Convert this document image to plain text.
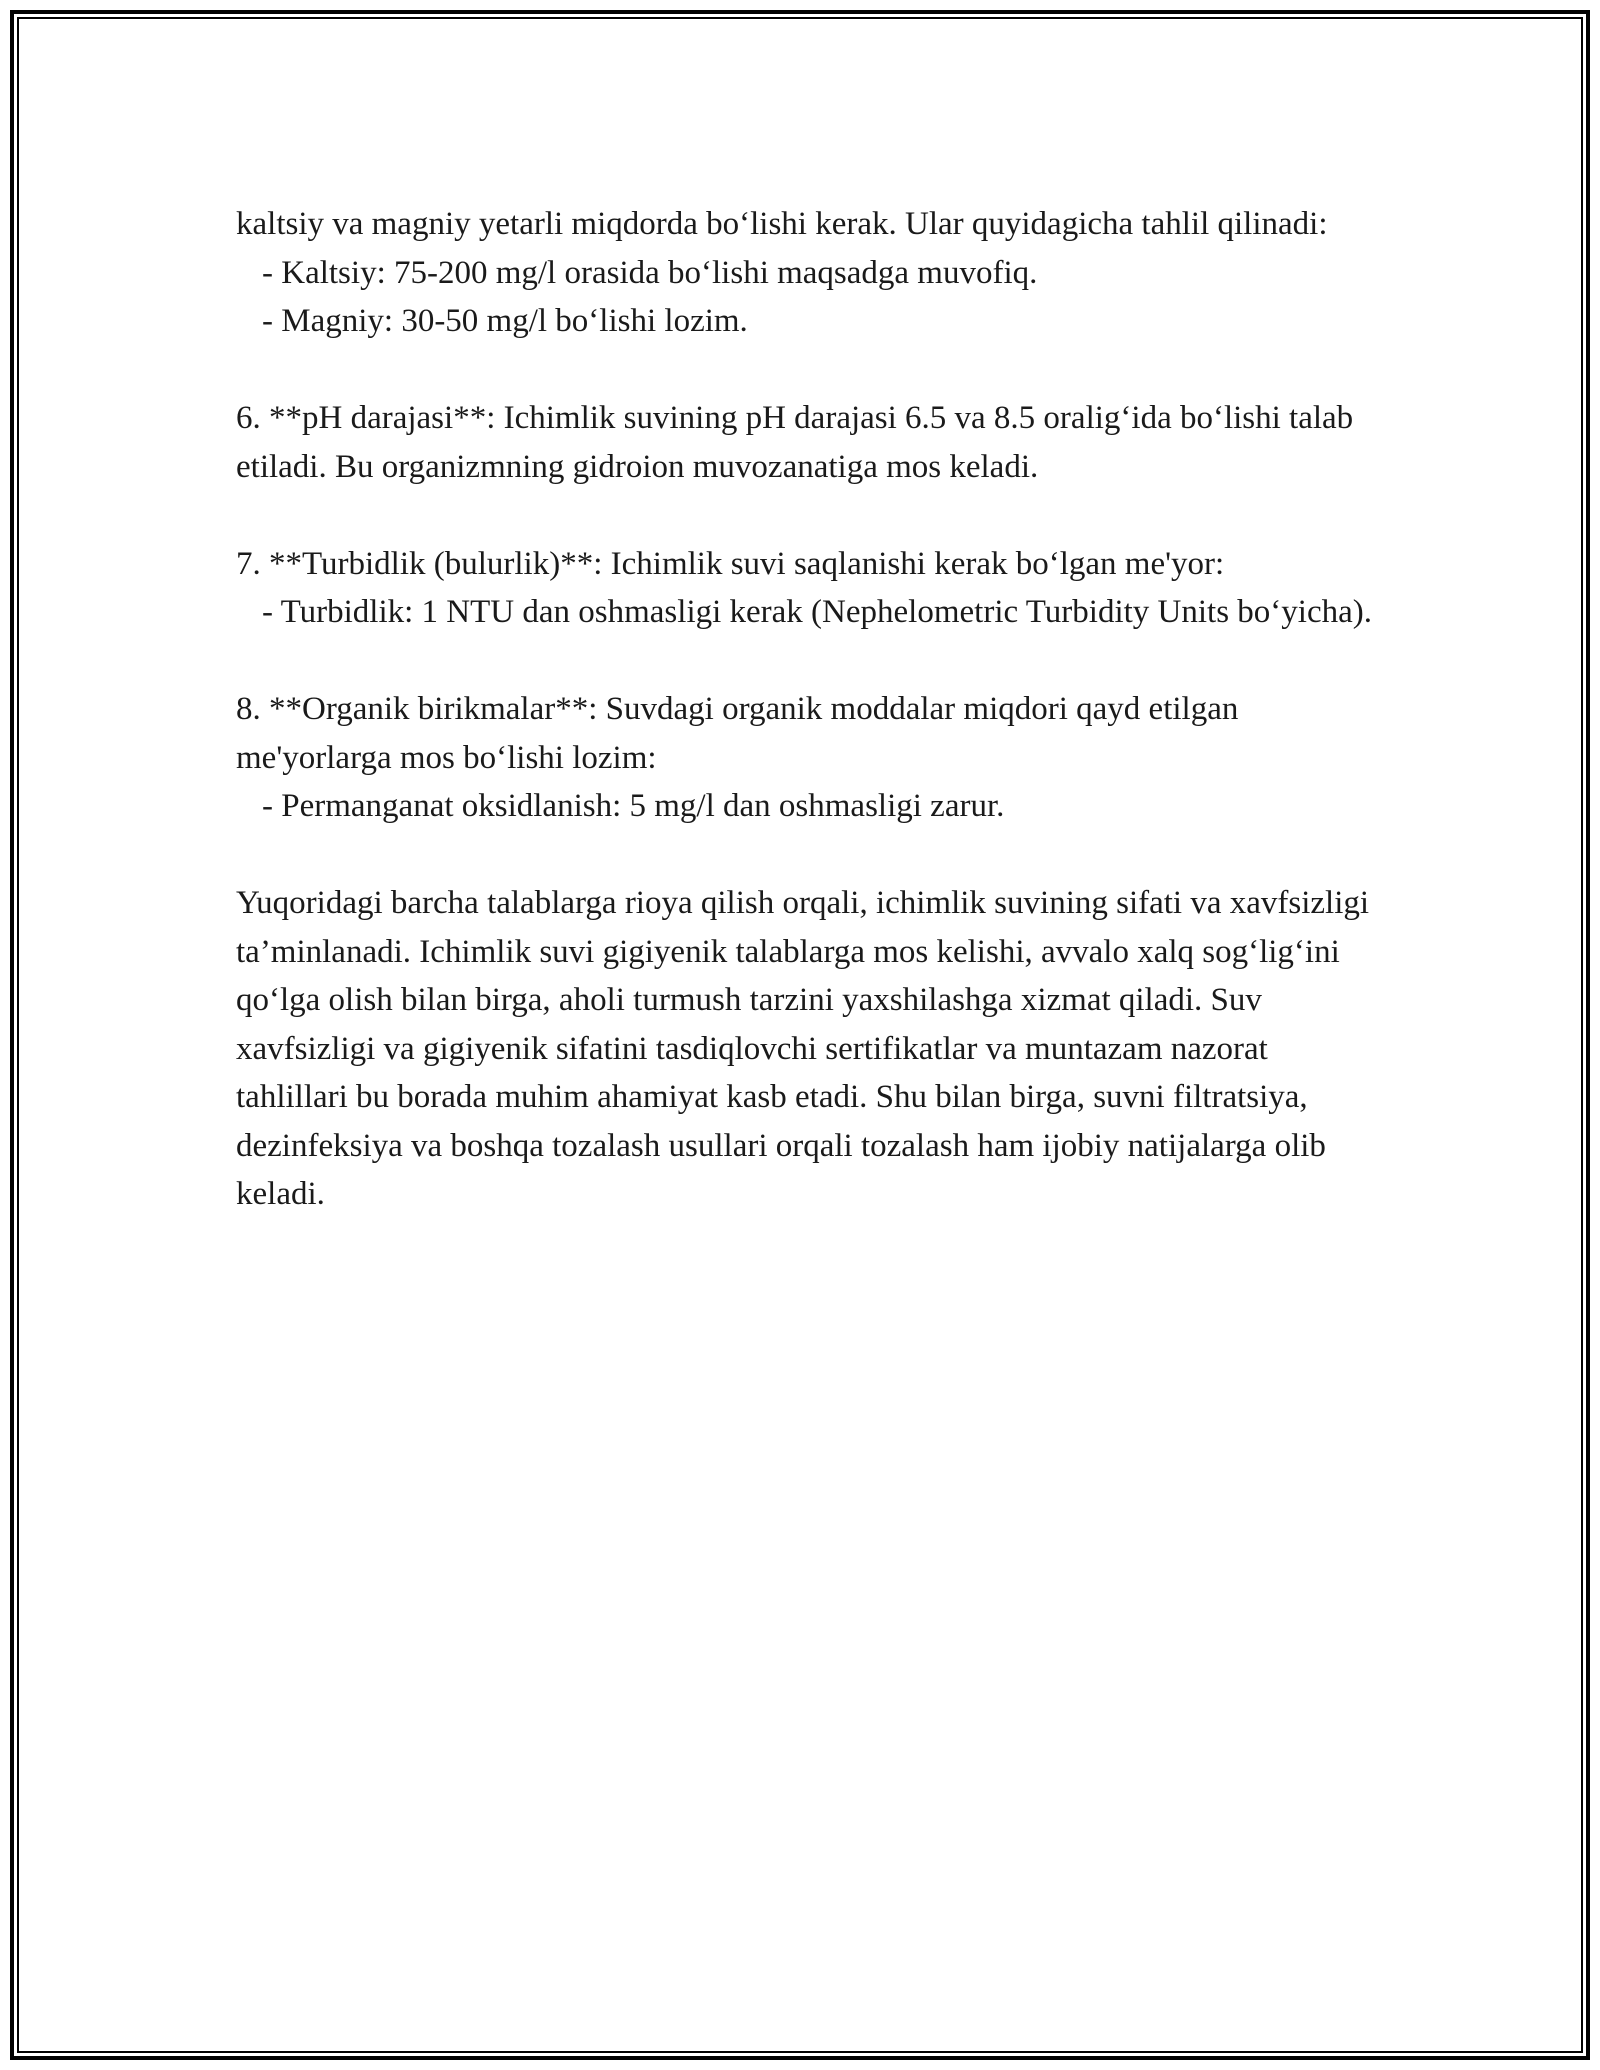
kaltsiy va magniy yetarli miqdorda bo‘lishi kerak. Ular quyidagicha tahlil qilinadi:
- Kaltsiy: 75-200 mg/l orasida bo‘lishi maqsadga muvofiq.
- Magniy: 30-50 mg/l bo‘lishi lozim.

6. **pH darajasi**: Ichimlik suvining pH darajasi 6.5 va 8.5 oralig‘ida bo‘lishi talab etiladi. Bu organizmning gidroion muvozanatiga mos keladi.

7. **Turbidlik (bulurlik)**: Ichimlik suvi saqlanishi kerak bo‘lgan me'yor:
- Turbidlik: 1 NTU dan oshmasligi kerak (Nephelometric Turbidity Units bo‘yicha).

8. **Organik birikmalar**: Suvdagi organik moddalar miqdori qayd etilgan me'yorlarga mos bo‘lishi lozim:
- Permanganat oksidlanish: 5 mg/l dan oshmasligi zarur.

Yuqoridagi barcha talablarga rioya qilish orqali, ichimlik suvining sifati va xavfsizligi ta’minlanadi. Ichimlik suvi gigiyenik talablarga mos kelishi, avvalo xalq sog‘lig‘ini qo‘lga olish bilan birga, aholi turmush tarzini yaxshilashga xizmat qiladi. Suv xavfsizligi va gigiyenik sifatini tasdiqlovchi sertifikatlar va muntazam nazorat tahlillari bu borada muhim ahamiyat kasb etadi. Shu bilan birga, suvni filtratsiya, dezinfeksiya va boshqa tozalash usullari orqali tozalash ham ijobiy natijalarga olib keladi.
